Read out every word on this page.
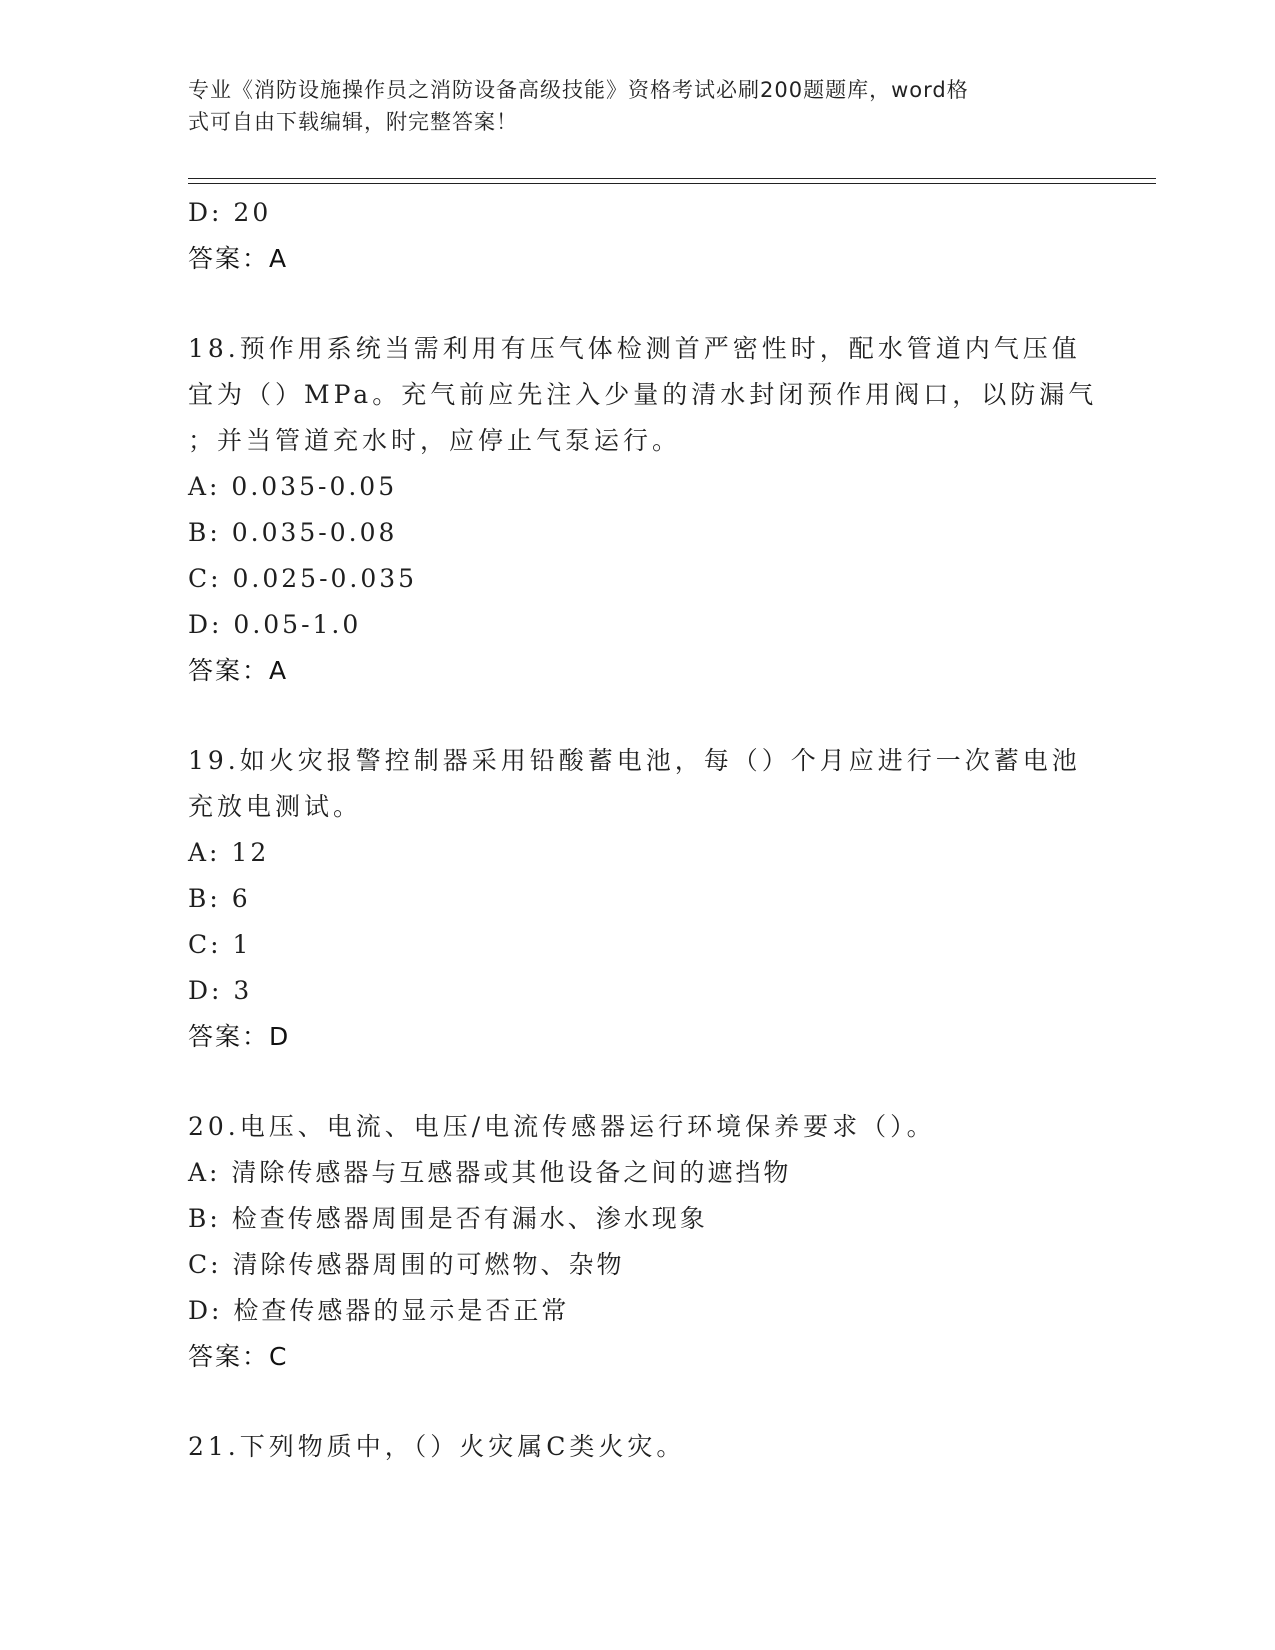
专业《消防设施操作员之消防设备高级技能》资格考试必刷200题题库，word格
式可自由下载编辑，附完整答案！
D: 20
答案：A
18.预作用系统当需利用有压气体检测首严密性时，配水管道内气压值
宜为（）MPa。充气前应先注入少量的清水封闭预作用阀口，以防漏气
；并当管道充水时，应停止气泵运行。
A: 0.035-0.05
B: 0.035-0.08
C: 0.025-0.035
D: 0.05-1.0
答案：A
19.如火灾报警控制器采用铅酸蓄电池，每（）个月应进行一次蓄电池
充放电测试。
A: 12
B: 6
C: 1
D: 3
答案：D
20.电压、电流、电压/电流传感器运行环境保养要求（）。
A: 清除传感器与互感器或其他设备之间的遮挡物
B: 检查传感器周围是否有漏水、渗水现象
C: 清除传感器周围的可燃物、杂物
D: 检查传感器的显示是否正常
答案：C
21.下列物质中，（）火灾属C类火灾。
